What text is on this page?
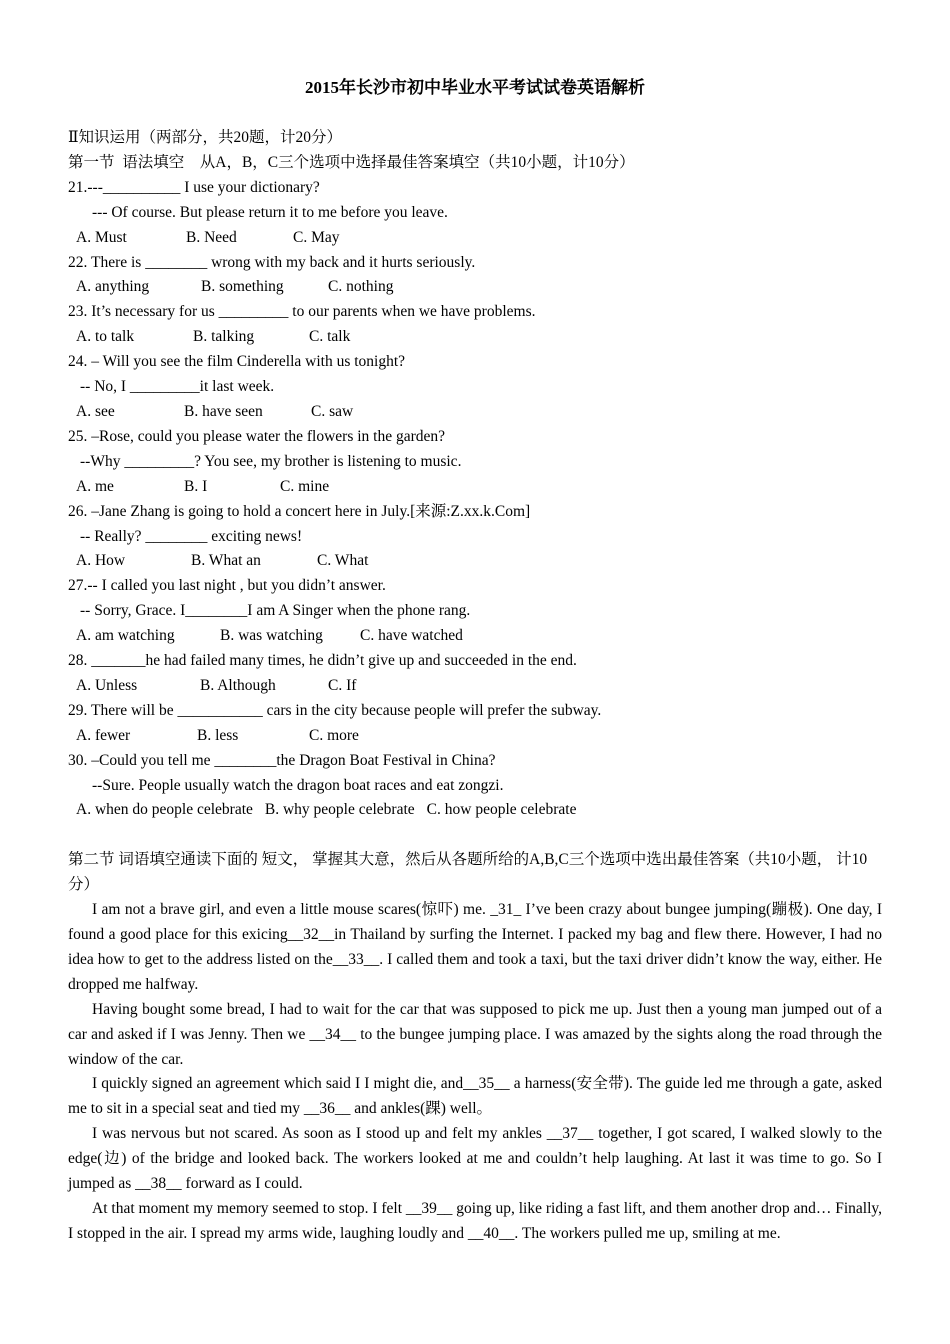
2015年长沙市初中毕业水平考试试卷英语解析
Ⅱ知识运用（两部分，共20题，计20分）
第一节  语法填空    从A，B，C三个选项中选择最佳答案填空（共10小题，计10分）
21.---__________ I use your dictionary?
--- Of course. But please return it to me before you leave.
A. Must	B. Need	C. May
22. There is ________ wrong with my back and it hurts seriously.
A. anything	B. something	C. nothing
23. It’s necessary for us _________ to our parents when we have problems.
A. to talk	B. talking	C. talk
24. – Will you see the film Cinderella with us tonight?
-- No, I _________it last week.
A. see	B. have seen	C. saw
25. –Rose, could you please water the flowers in the garden?
--Why _________? You see, my brother is listening to music.
A. me	B. I	C. mine
26. –Jane Zhang is going to hold a concert here in July.[来源:Z.xx.k.Com]
-- Really? ________ exciting news!
A. How	B. What an	C. What
27.-- I called you last night , but you didn’t answer.
-- Sorry, Grace. I________I am A Singer when the phone rang.
A. am watching	B. was watching C. have watched
28. _______he had failed many times, he didn’t give up and succeeded in the end.
A. Unless	B. Although	C. If
29. There will be ___________ cars in the city because people will prefer the subway.
A. fewer	B. less	C. more
30. –Could you tell me ________the Dragon Boat Festival in China?
--Sure. People usually watch the dragon boat races and eat zongzi.
A. when do people celebrate B. why people celebrate C. how people celebrate

第二节 词语填空通读下面的 短文， 掌握其大意，然后从各题所给的A,B,C三个选项中选出最佳答案（共10小题， 计10分）

I am not a brave girl, and even a little mouse scares(惊吓) me. _31_ I’ve been crazy about bungee jumping(蹦极). One day, I found a good place for this exicing__32__in Thailand by surfing the Internet. I packed my bag and flew there. However, I had no idea how to get to the address listed on the__33__. I called them and took a taxi, but the taxi driver didn’t know the way, either. He dropped me halfway.

Having bought some bread, I had to wait for the car that was supposed to pick me up. Just then a young man jumped out of a car and asked if I was Jenny. Then we __34__ to the bungee jumping place. I was amazed by the sights along the road through the window of the car.

I quickly signed an agreement which said I I might die, and__35__ a harness(安全带). The guide led me through a gate, asked me to sit in a special seat and tied my __36__ and ankles(踝) well。

I was nervous but not scared. As soon as I stood up and felt my ankles __37__ together, I got scared, I walked slowly to the edge(边) of the bridge and looked back. The workers looked at me and couldn’t help laughing. At last it was time to go. So I jumped as __38__ forward as I could.

At that moment my memory seemed to stop. I felt __39__ going up, like riding a fast lift, and them another drop and… Finally, I stopped in the air. I spread my arms wide, laughing loudly and __40__. The workers pulled me up, smiling at me.
